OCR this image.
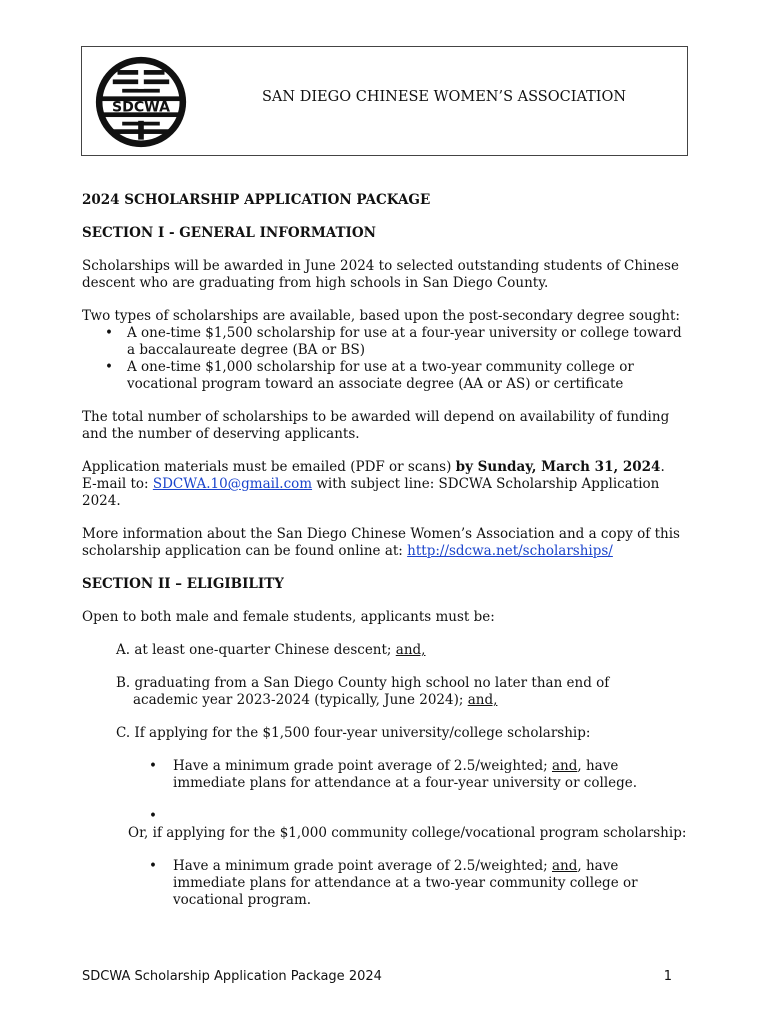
SDCWA
SAN DIEGO CHINESE WOMEN’S ASSOCIATION

2024 SCHOLARSHIP APPLICATION PACKAGE

SECTION I - GENERAL INFORMATION

Scholarships will be awarded in June 2024 to selected outstanding students of Chinese descent who are graduating from high schools in San Diego County.

Two types of scholarships are available, based upon the post-secondary degree sought:

• A one-time $1,500 scholarship for use at a four-year university or college toward a baccalaureate degree (BA or BS)
• A one-time $1,000 scholarship for use at a two-year community college or vocational program toward an associate degree (AA or AS) or certificate

The total number of scholarships to be awarded will depend on availability of funding and the number of deserving applicants.

Application materials must be emailed (PDF or scans) by Sunday, March 31, 2024.
E-mail to: SDCWA.10@gmail.com with subject line: SDCWA Scholarship Application 2024.

More information about the San Diego Chinese Women’s Association and a copy of this scholarship application can be found online at: http://sdcwa.net/scholarships/

SECTION II – ELIGIBILITY

Open to both male and female students, applicants must be:

A. at least one-quarter Chinese descent; and,

B. graduating from a San Diego County high school no later than end of

academic year 2023-2024 (typically, June 2024); and,

C. If applying for the $1,500 four-year university/college scholarship:

• Have a minimum grade point average of 2.5/weighted; and, have immediate plans for attendance at a four-year university or college.

•

Or, if applying for the $1,000 community college/vocational program scholarship:

• Have a minimum grade point average of 2.5/weighted; and, have immediate plans for attendance at a two-year community college or vocational program.

SDCWA Scholarship Application Package 2024	1
